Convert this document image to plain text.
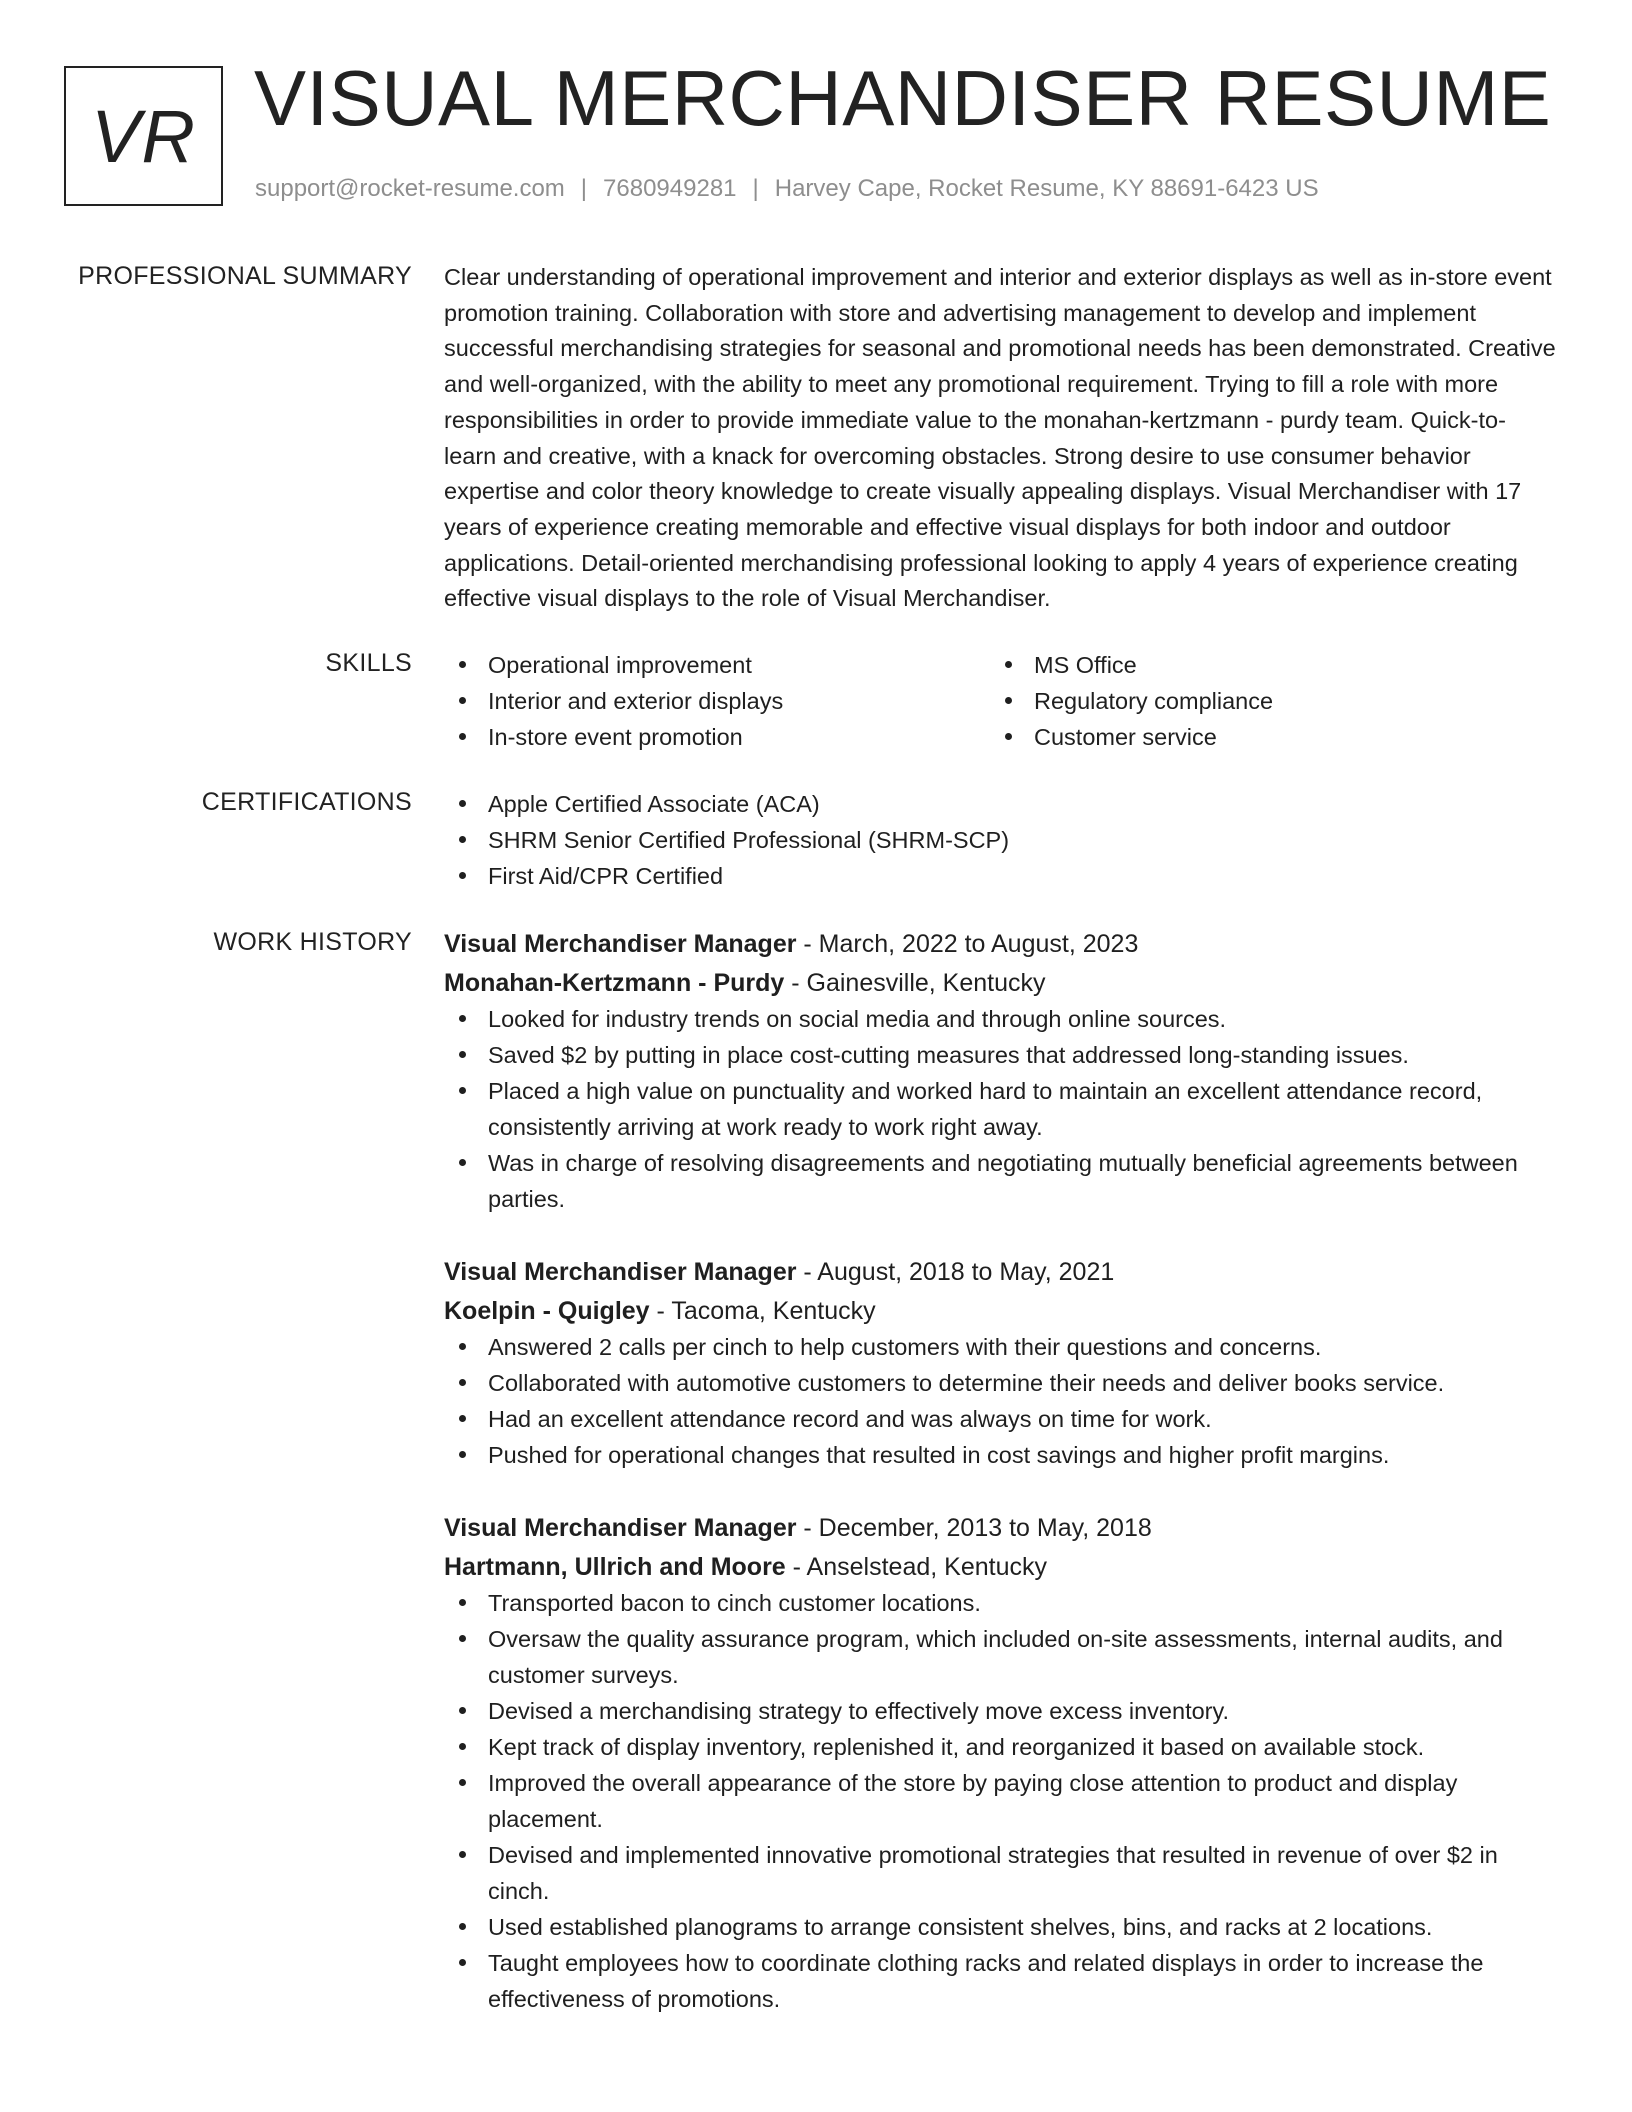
VR VISUAL MERCHANDISER RESUME
support@rocket-resume.com | 7680949281 | Harvey Cape, Rocket Resume, KY 88691-6423 US
PROFESSIONAL SUMMARY Clear understanding of operational improvement and interior and exterior displays as well as in-store event promotion training. Collaboration with store and advertising management to develop and implement successful merchandising strategies for seasonal and promotional needs has been demonstrated. Creative and well-organized, with the ability to meet any promotional requirement. Trying to fill a role with more responsibilities in order to provide immediate value to the monahan-kertzmann - purdy team. Quick-to-learn and creative, with a knack for overcoming obstacles. Strong desire to use consumer behavior expertise and color theory knowledge to create visually appealing displays. Visual Merchandiser with 17 years of experience creating memorable and effective visual displays for both indoor and outdoor applications. Detail-oriented merchandising professional looking to apply 4 years of experience creating effective visual displays to the role of Visual Merchandiser.

SKILLS	Operational improvement
Interior and exterior displays
In-store event promotion
MS Office
Regulatory compliance
Customer service
CERTIFICATIONS	Apple Certified Associate (ACA)
SHRM Senior Certified Professional (SHRM-SCP)
First Aid/CPR Certified
WORK HISTORY Visual Merchandiser Manager - March, 2022 to August, 2023

Monahan-Kertzmann - Purdy - Gainesville, Kentucky

Looked for industry trends on social media and through online sources.
Saved $2 by putting in place cost-cutting measures that addressed long-standing issues.
Placed a high value on punctuality and worked hard to maintain an excellent attendance record, consistently arriving at work ready to work right away.
Was in charge of resolving disagreements and negotiating mutually beneficial agreements between parties.

Visual Merchandiser Manager - August, 2018 to May, 2021

Koelpin - Quigley - Tacoma, Kentucky

Answered 2 calls per cinch to help customers with their questions and concerns.
Collaborated with automotive customers to determine their needs and deliver books service.
Had an excellent attendance record and was always on time for work.
Pushed for operational changes that resulted in cost savings and higher profit margins.

Visual Merchandiser Manager - December, 2013 to May, 2018

Hartmann, Ullrich and Moore - Anselstead, Kentucky

Transported bacon to cinch customer locations.
Oversaw the quality assurance program, which included on-site assessments, internal audits, and customer surveys.
Devised a merchandising strategy to effectively move excess inventory.
Kept track of display inventory, replenished it, and reorganized it based on available stock.
Improved the overall appearance of the store by paying close attention to product and display placement.
Devised and implemented innovative promotional strategies that resulted in revenue of over $2 in cinch.
Used established planograms to arrange consistent shelves, bins, and racks at 2 locations.
Taught employees how to coordinate clothing racks and related displays in order to increase the effectiveness of promotions.
